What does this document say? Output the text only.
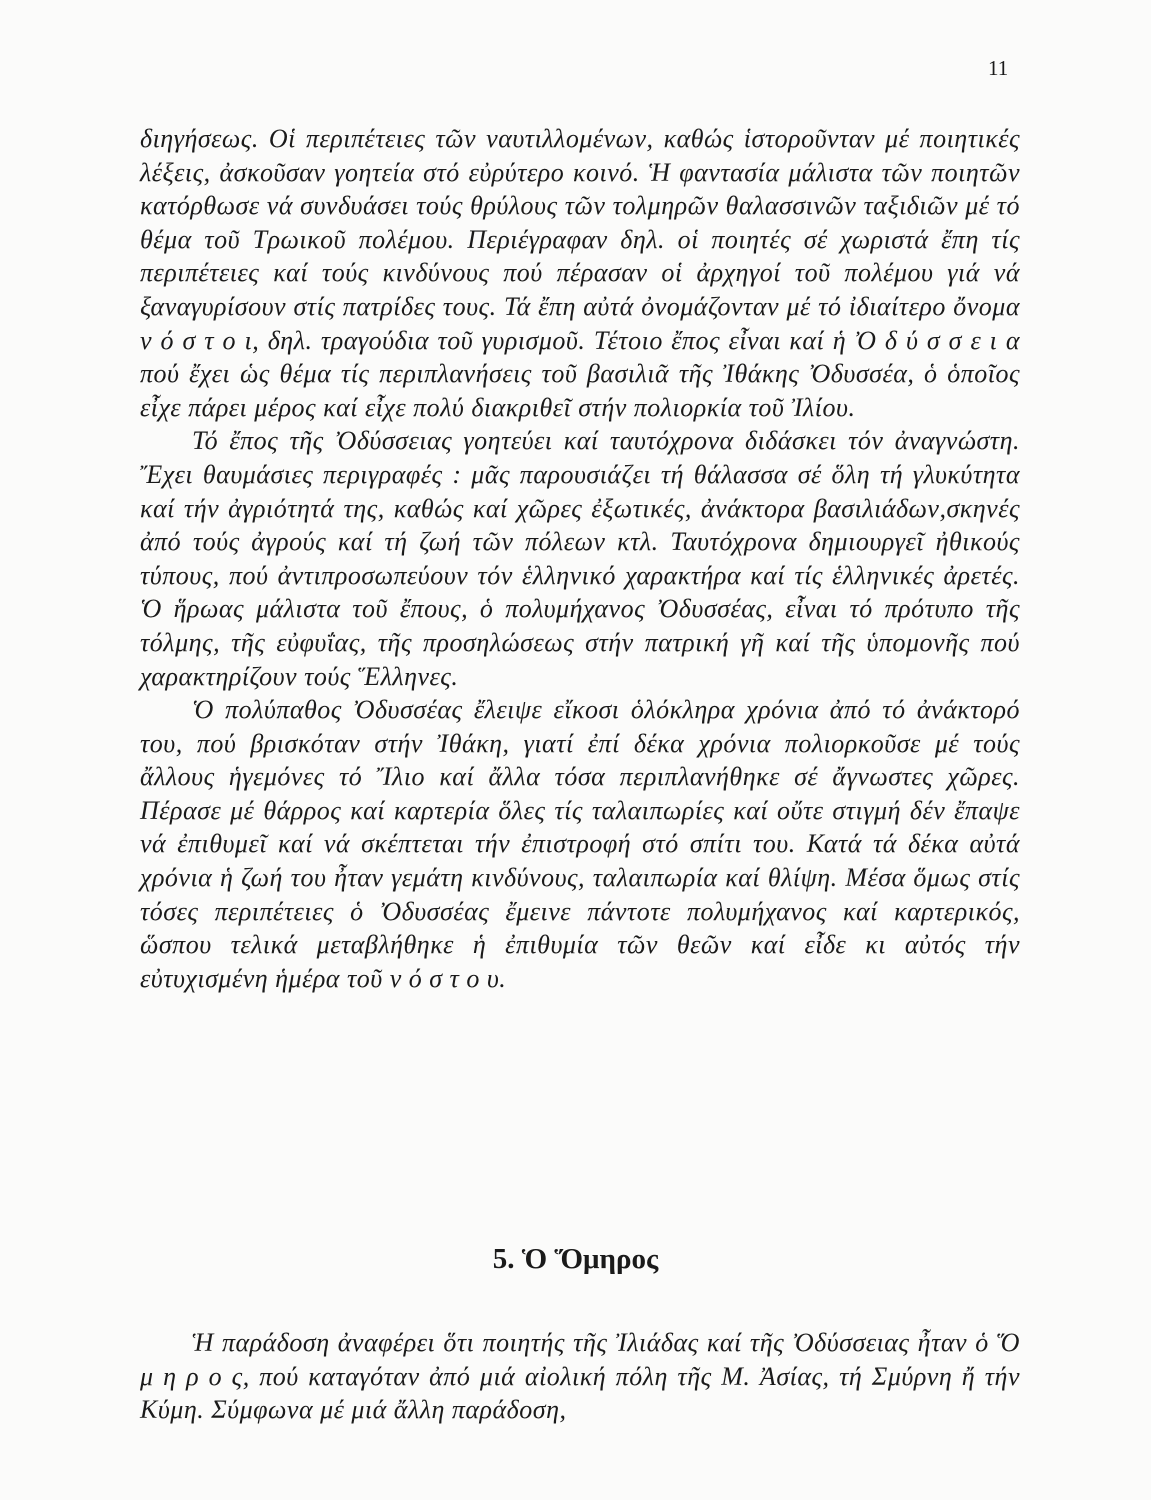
11

διηγήσεως. Οἱ περιπέτειες τῶν ναυτιλλομένων, καθώς ἱστοροῦνταν μέ ποιητικές λέξεις, ἀσκοῦσαν γοητεία στό εὐρύτερο κοινό. Ἡ φαντασία μάλιστα τῶν ποιητῶν κατόρθωσε νά συνδυάσει τούς θρύλους τῶν τολμηρῶν θαλασσινῶν ταξιδιῶν μέ τό θέμα τοῦ Τρωικοῦ πολέμου. Περιέγραφαν δηλ. οἱ ποιητές σέ χωριστά ἔπη τίς περιπέτειες καί τούς κινδύνους πού πέρασαν οἱ ἀρχηγοί τοῦ πολέμου γιά νά ξαναγυρίσουν στίς πατρίδες τους. Τά ἔπη αὐτά ὀνομάζονταν μέ τό ἰδιαίτερο ὄνομα ν ό σ τ ο ι, δηλ. τραγούδια τοῦ γυρισμοῦ. Τέτοιο ἔπος εἶναι καί ἡ Ὀ δ ύ σ σ ε ι α πού ἔχει ὡς θέμα τίς περιπλανήσεις τοῦ βασιλιᾶ τῆς Ἰθάκης Ὀδυσσέα, ὁ ὁποῖος εἶχε πάρει μέρος καί εἶχε πολύ διακριθεῖ στήν πολιορκία τοῦ Ἰλίου.

Τό ἔπος τῆς Ὀδύσσειας γοητεύει καί ταυτόχρονα διδάσκει τόν ἀναγνώστη. Ἔχει θαυμάσιες περιγραφές : μᾶς παρουσιάζει τή θάλασσα σέ ὅλη τή γλυκύτητα καί τήν ἀγριότητά της, καθώς καί χῶρες ἐξωτικές, ἀνάκτορα βασιλιάδων,σκηνές ἀπό τούς ἀγρούς καί τή ζωή τῶν πόλεων κτλ. Ταυτόχρονα δημιουργεῖ ἠθικούς τύπους, πού ἀντιπροσωπεύουν τόν ἑλληνικό χαρακτήρα καί τίς ἑλληνικές ἀρετές. Ὁ ἥρωας μάλιστα τοῦ ἔπους, ὁ πολυμήχανος Ὀδυσσέας, εἶναι τό πρότυπο τῆς τόλμης, τῆς εὐφυΐας, τῆς προσηλώσεως στήν πατρική γῆ καί τῆς ὑπομονῆς πού χαρακτηρίζουν τούς Ἕλληνες.

Ὁ πολύπαθος Ὀδυσσέας ἔλειψε εἴκοσι ὁλόκληρα χρόνια ἀπό τό ἀνάκτορό του, πού βρισκόταν στήν Ἰθάκη, γιατί ἐπί δέκα χρόνια πολιορκοῦσε μέ τούς ἄλλους ἡγεμόνες τό Ἴλιο καί ἄλλα τόσα περιπλανήθηκε σέ ἄγνωστες χῶρες. Πέρασε μέ θάρρος καί καρτερία ὅλες τίς ταλαιπωρίες καί οὔτε στιγμή δέν ἔπαψε νά ἐπιθυμεῖ καί νά σκέπτεται τήν ἐπιστροφή στό σπίτι του. Κατά τά δέκα αὐτά χρόνια ἡ ζωή του ἦταν γεμάτη κινδύνους, ταλαιπωρία καί θλίψη. Μέσα ὅμως στίς τόσες περιπέτειες ὁ Ὀδυσσέας ἔμεινε πάντοτε πολυμήχανος καί καρτερικός, ὥσπου τελικά μεταβλήθηκε ἡ ἐπιθυμία τῶν θεῶν καί εἶδε κι αὐτός τήν εὐτυχισμένη ἡμέρα τοῦ ν ό σ τ ο υ.

5. Ὁ Ὅμηρος

Ἡ παράδοση ἀναφέρει ὅτι ποιητής τῆς Ἰλιάδας καί τῆς Ὀδύσσειας ἦταν ὁ Ὅ μ η ρ ο ς, πού καταγόταν ἀπό μιά αἰολική πόλη τῆς Μ. Ἀσίας, τή Σμύρνη ἤ τήν Κύμη. Σύμφωνα μέ μιά ἄλλη παράδοση,
